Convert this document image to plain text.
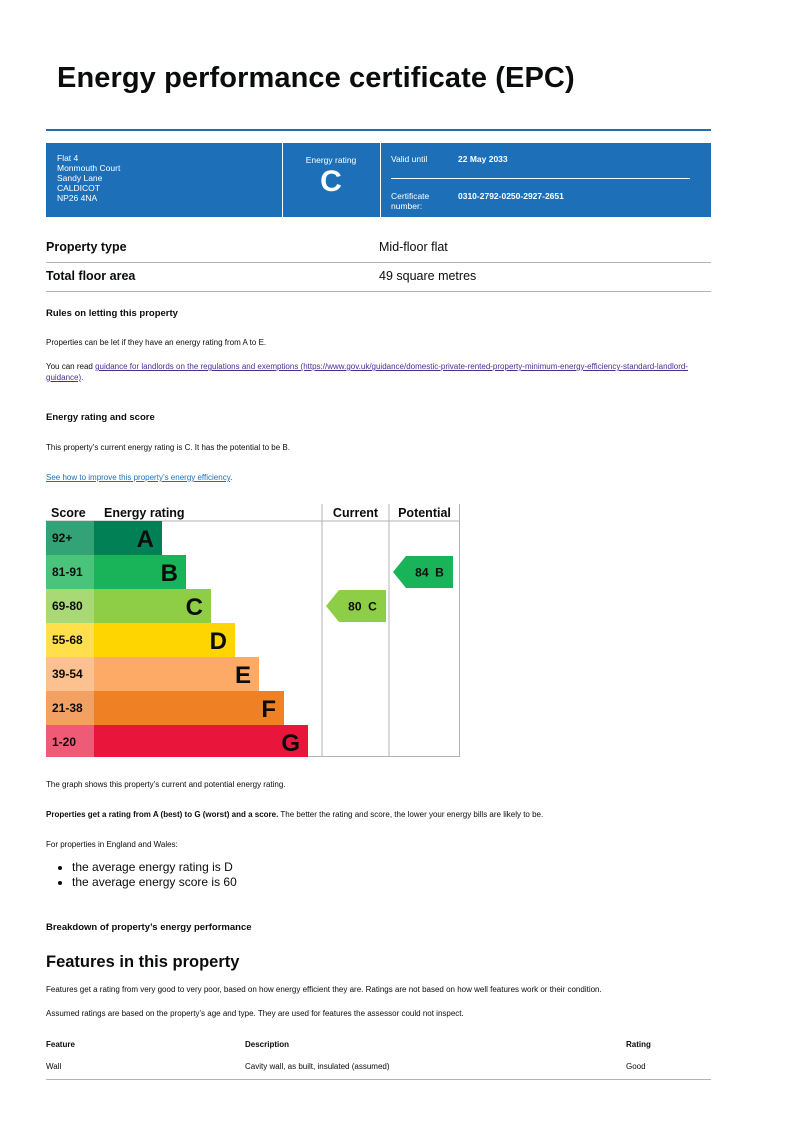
Energy performance certificate (EPC)
Flat 4
Monmouth Court
Sandy Lane
CALDICOT
NP26 4NA
Energy rating
C
Valid until	22 May 2033
Certificate number:
0310-2792-0250-2927-2651
Property type	Mid-floor flat
Total floor area	49 square metres
Rules on letting this property
Properties can be let if they have an energy rating from A to E.
You can read guidance for landlords on the regulations and exemptions (https://www.gov.uk/guidance/domestic-private-rented-property-minimum-energy-efficiency-standard-landlord-guidance).
Energy rating and score
This property’s current energy rating is C. It has the potential to be B.
See how to improve this property’s energy efficiency.
Score Energy rating	Current Potential
92+	A
81-91	B
69-80	C
55-68	D
39-54	E
21-38	F
1-20	G
80  C
84  B
The graph shows this property’s current and potential energy rating.
Properties get a rating from A (best) to G (worst) and a score. The better the rating and score, the lower your energy bills are likely to be.
For properties in England and Wales:
• the average energy rating is D
• the average energy score is 60
Breakdown of property’s energy performance
Features in this property
Features get a rating from very good to very poor, based on how energy efficient they are. Ratings are not based on how well features work or their condition.
Assumed ratings are based on the property’s age and type. They are used for features the assessor could not inspect.
Feature	Description	Rating
Wall	Cavity wall, as built, insulated (assumed)	Good
